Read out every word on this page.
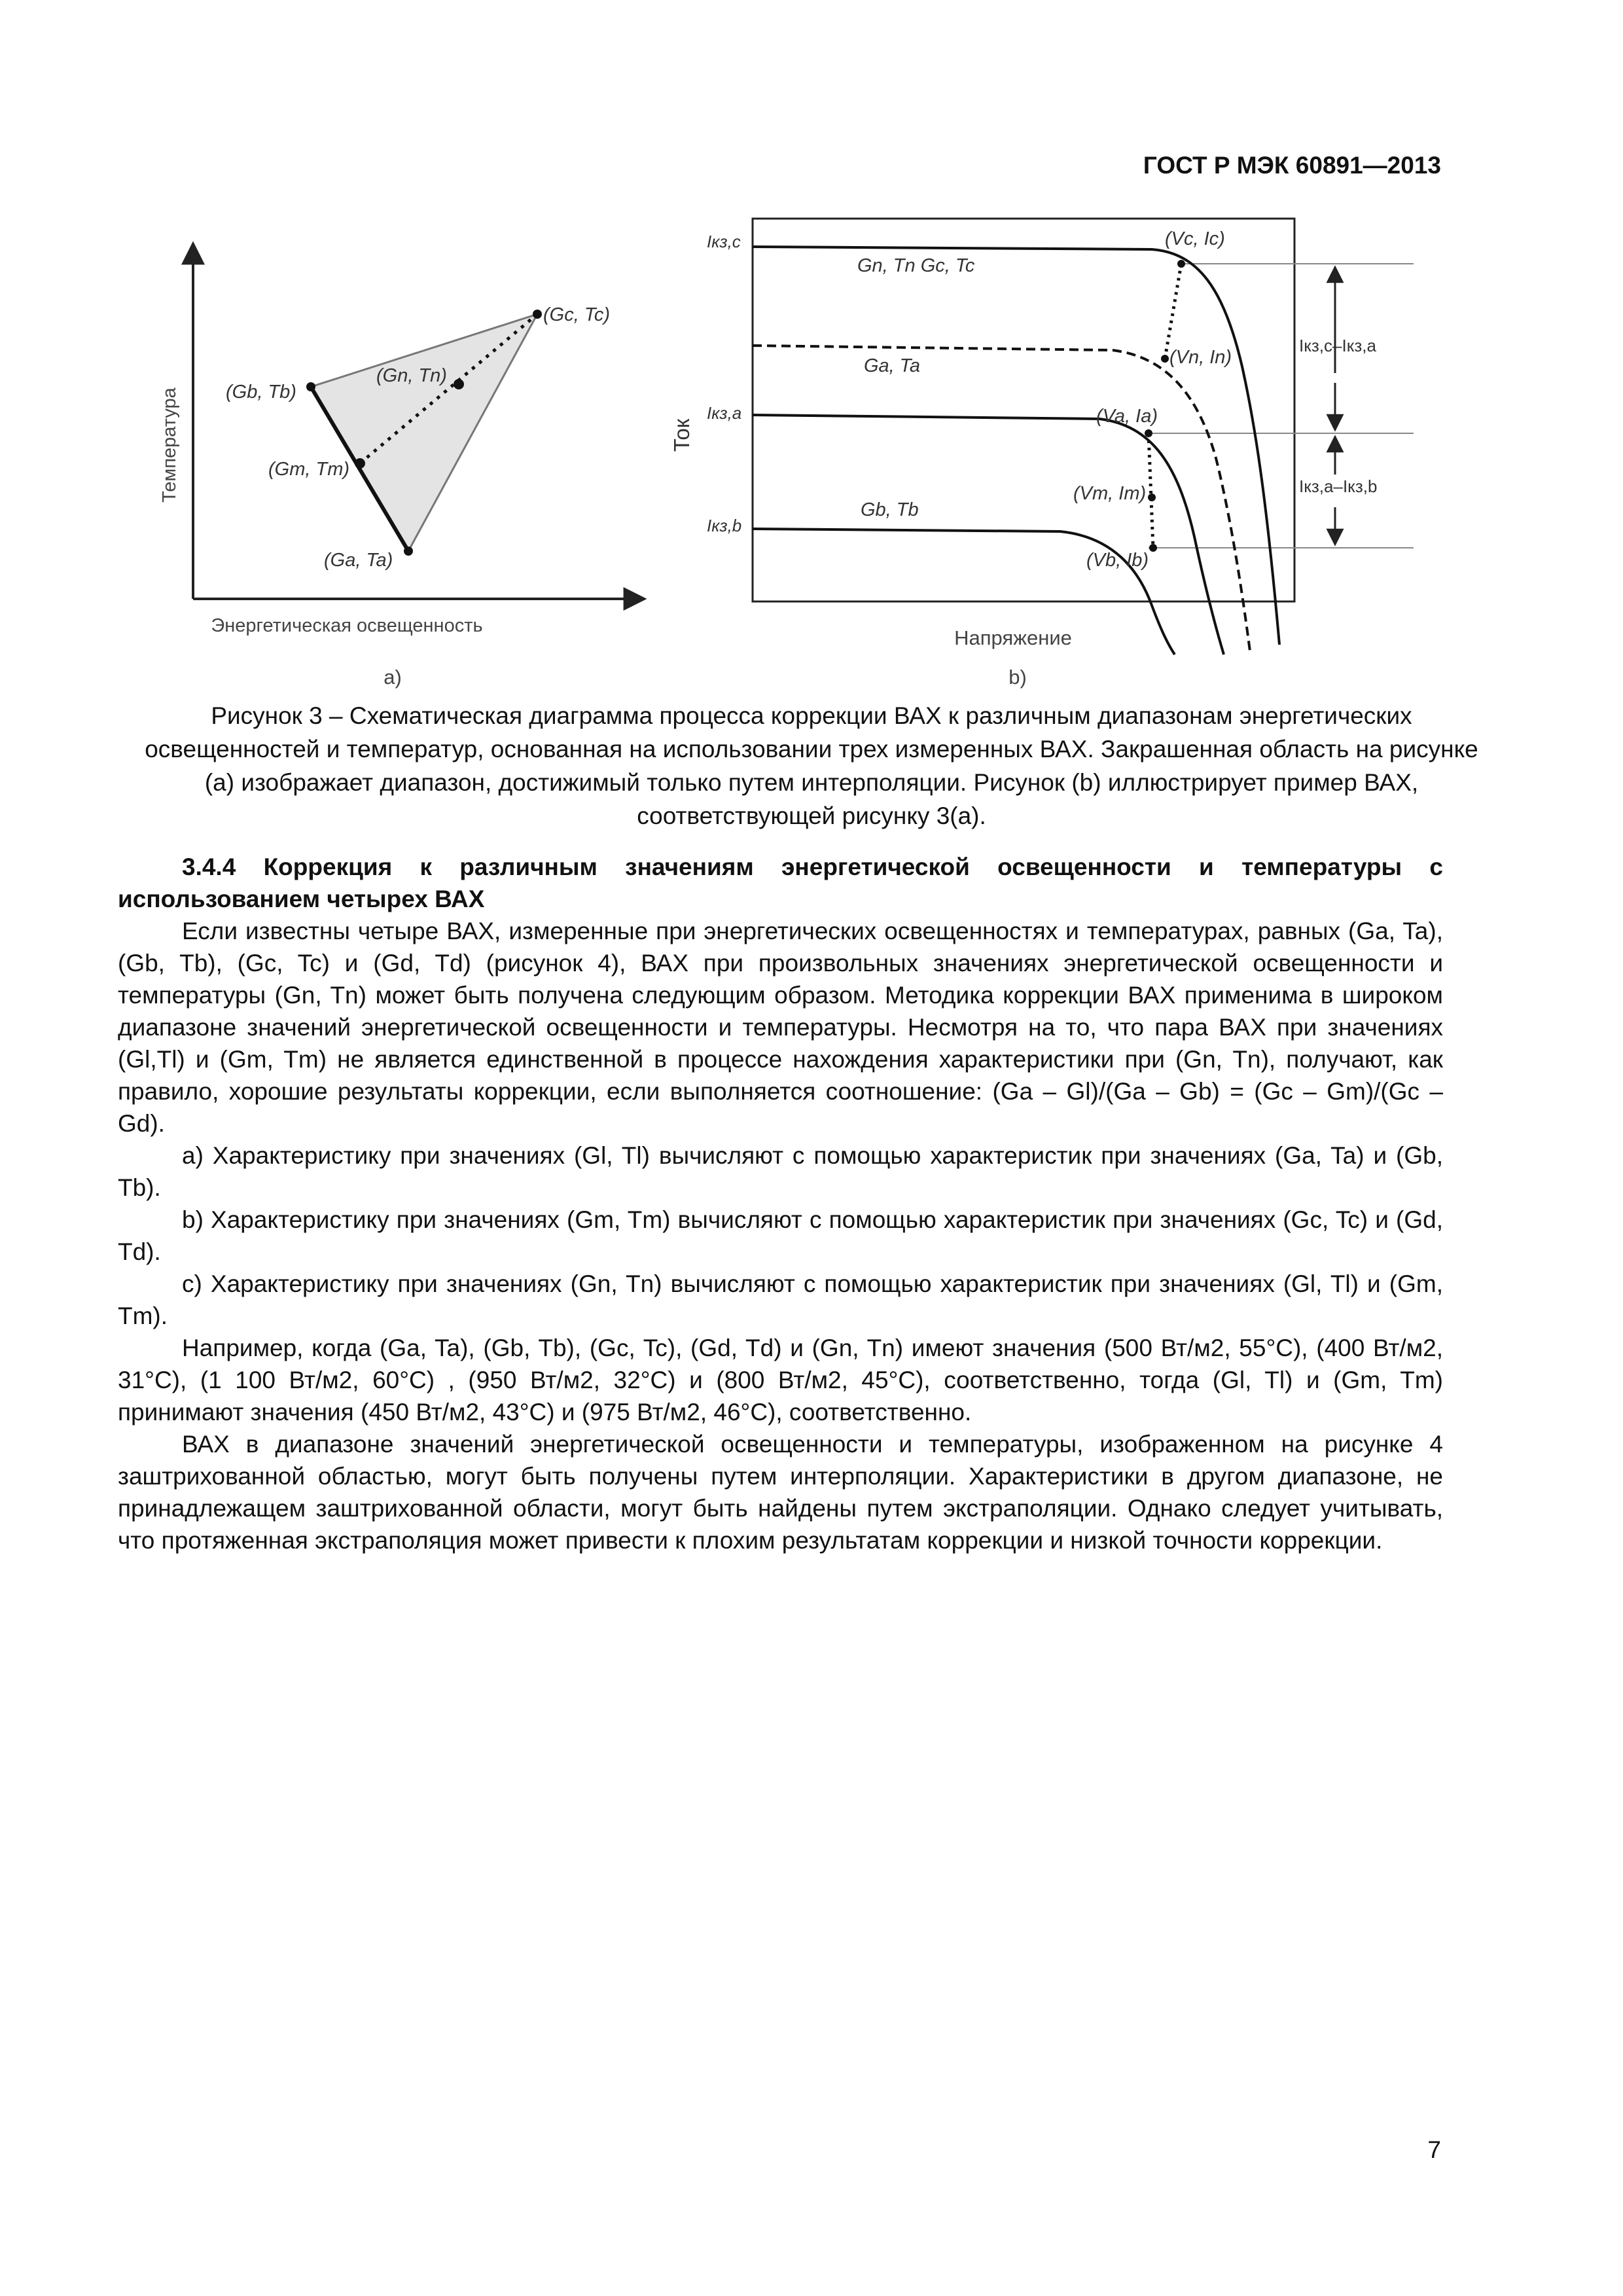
ГОСТ Р МЭК 60891—2013
(Gc, Tc)
(Gn, Tn)
(Gb, Tb)
(Gm, Tm)
(Ga, Ta)
Температура
Энергетическая освещенность
а)
Iкз,c–Iкз,a
Iкз,a–Iкз,b
Iкз,c
Iкз,a
Iкз,b
Gn, Tn Gc, Tc
Ga, Ta
Gb, Tb
(Vc, Ic)
(Vn, In)
(Va, Ia)
(Vm, Im)
(Vb, Ib)
Ток
Напряжение
b)
Рисунок 3 – Схематическая диаграмма процесса коррекции ВАХ к различным диапазонам энергетических освещенностей и температур, основанная на использовании трех измеренных ВАХ. Закрашенная область на рисунке (а) изображает диапазон, достижимый только путем интерполяции. Рисунок (b) иллюстрирует пример ВАХ, соответствующей рисунку 3(а).

3.4.4 Коррекция к различным значениям энергетической освещенности и температуры с использованием четырех ВАХ

Если известны четыре ВАХ, измеренные при энергетических освещенностях и температурах, равных (Ga, Ta), (Gb, Tb), (Gc, Tc) и (Gd, Td) (рисунок 4), ВАХ при произвольных значениях энергетической освещенности и температуры (Gn, Tn) может быть получена следующим образом. Методика коррекции ВАХ применима в широком диапазоне значений энергетической освещенности и температуры. Несмотря на то, что пара ВАХ при значениях (Gl,Tl) и (Gm, Tm) не является единственной в процессе нахождения характеристики при (Gn, Tn), получают, как правило, хорошие результаты коррекции, если выполняется соотношение: (Ga – Gl)/(Ga – Gb) = (Gc – Gm)/(Gc – Gd).

a) Характеристику при значениях (Gl, Tl) вычисляют с помощью характеристик при значениях (Ga, Ta) и (Gb, Tb).

b) Характеристику при значениях (Gm, Tm) вычисляют с помощью характеристик при значениях (Gc, Tc) и (Gd, Td).

c) Характеристику при значениях (Gn, Tn) вычисляют с помощью характеристик при значениях (Gl, Tl) и (Gm, Tm).

Например, когда (Ga, Ta), (Gb, Tb), (Gc, Tc), (Gd, Td) и (Gn, Tn) имеют значения (500 Вт/м2, 55°C), (400 Вт/м2, 31°C), (1 100 Вт/м2, 60°C) , (950 Вт/м2, 32°C) и (800 Вт/м2, 45°C), соответственно, тогда (Gl, Tl) и (Gm, Tm) принимают значения (450 Вт/м2, 43°C) и (975 Вт/м2, 46°C), соответственно.

ВАХ в диапазоне значений энергетической освещенности и температуры, изображенном на рисунке 4 заштрихованной областью, могут быть получены путем интерполяции. Характеристики в другом диапазоне, не принадлежащем заштрихованной области, могут быть найдены путем экстраполяции. Однако следует учитывать, что протяженная экстраполяция может привести к плохим результатам коррекции и низкой точности коррекции.

7
